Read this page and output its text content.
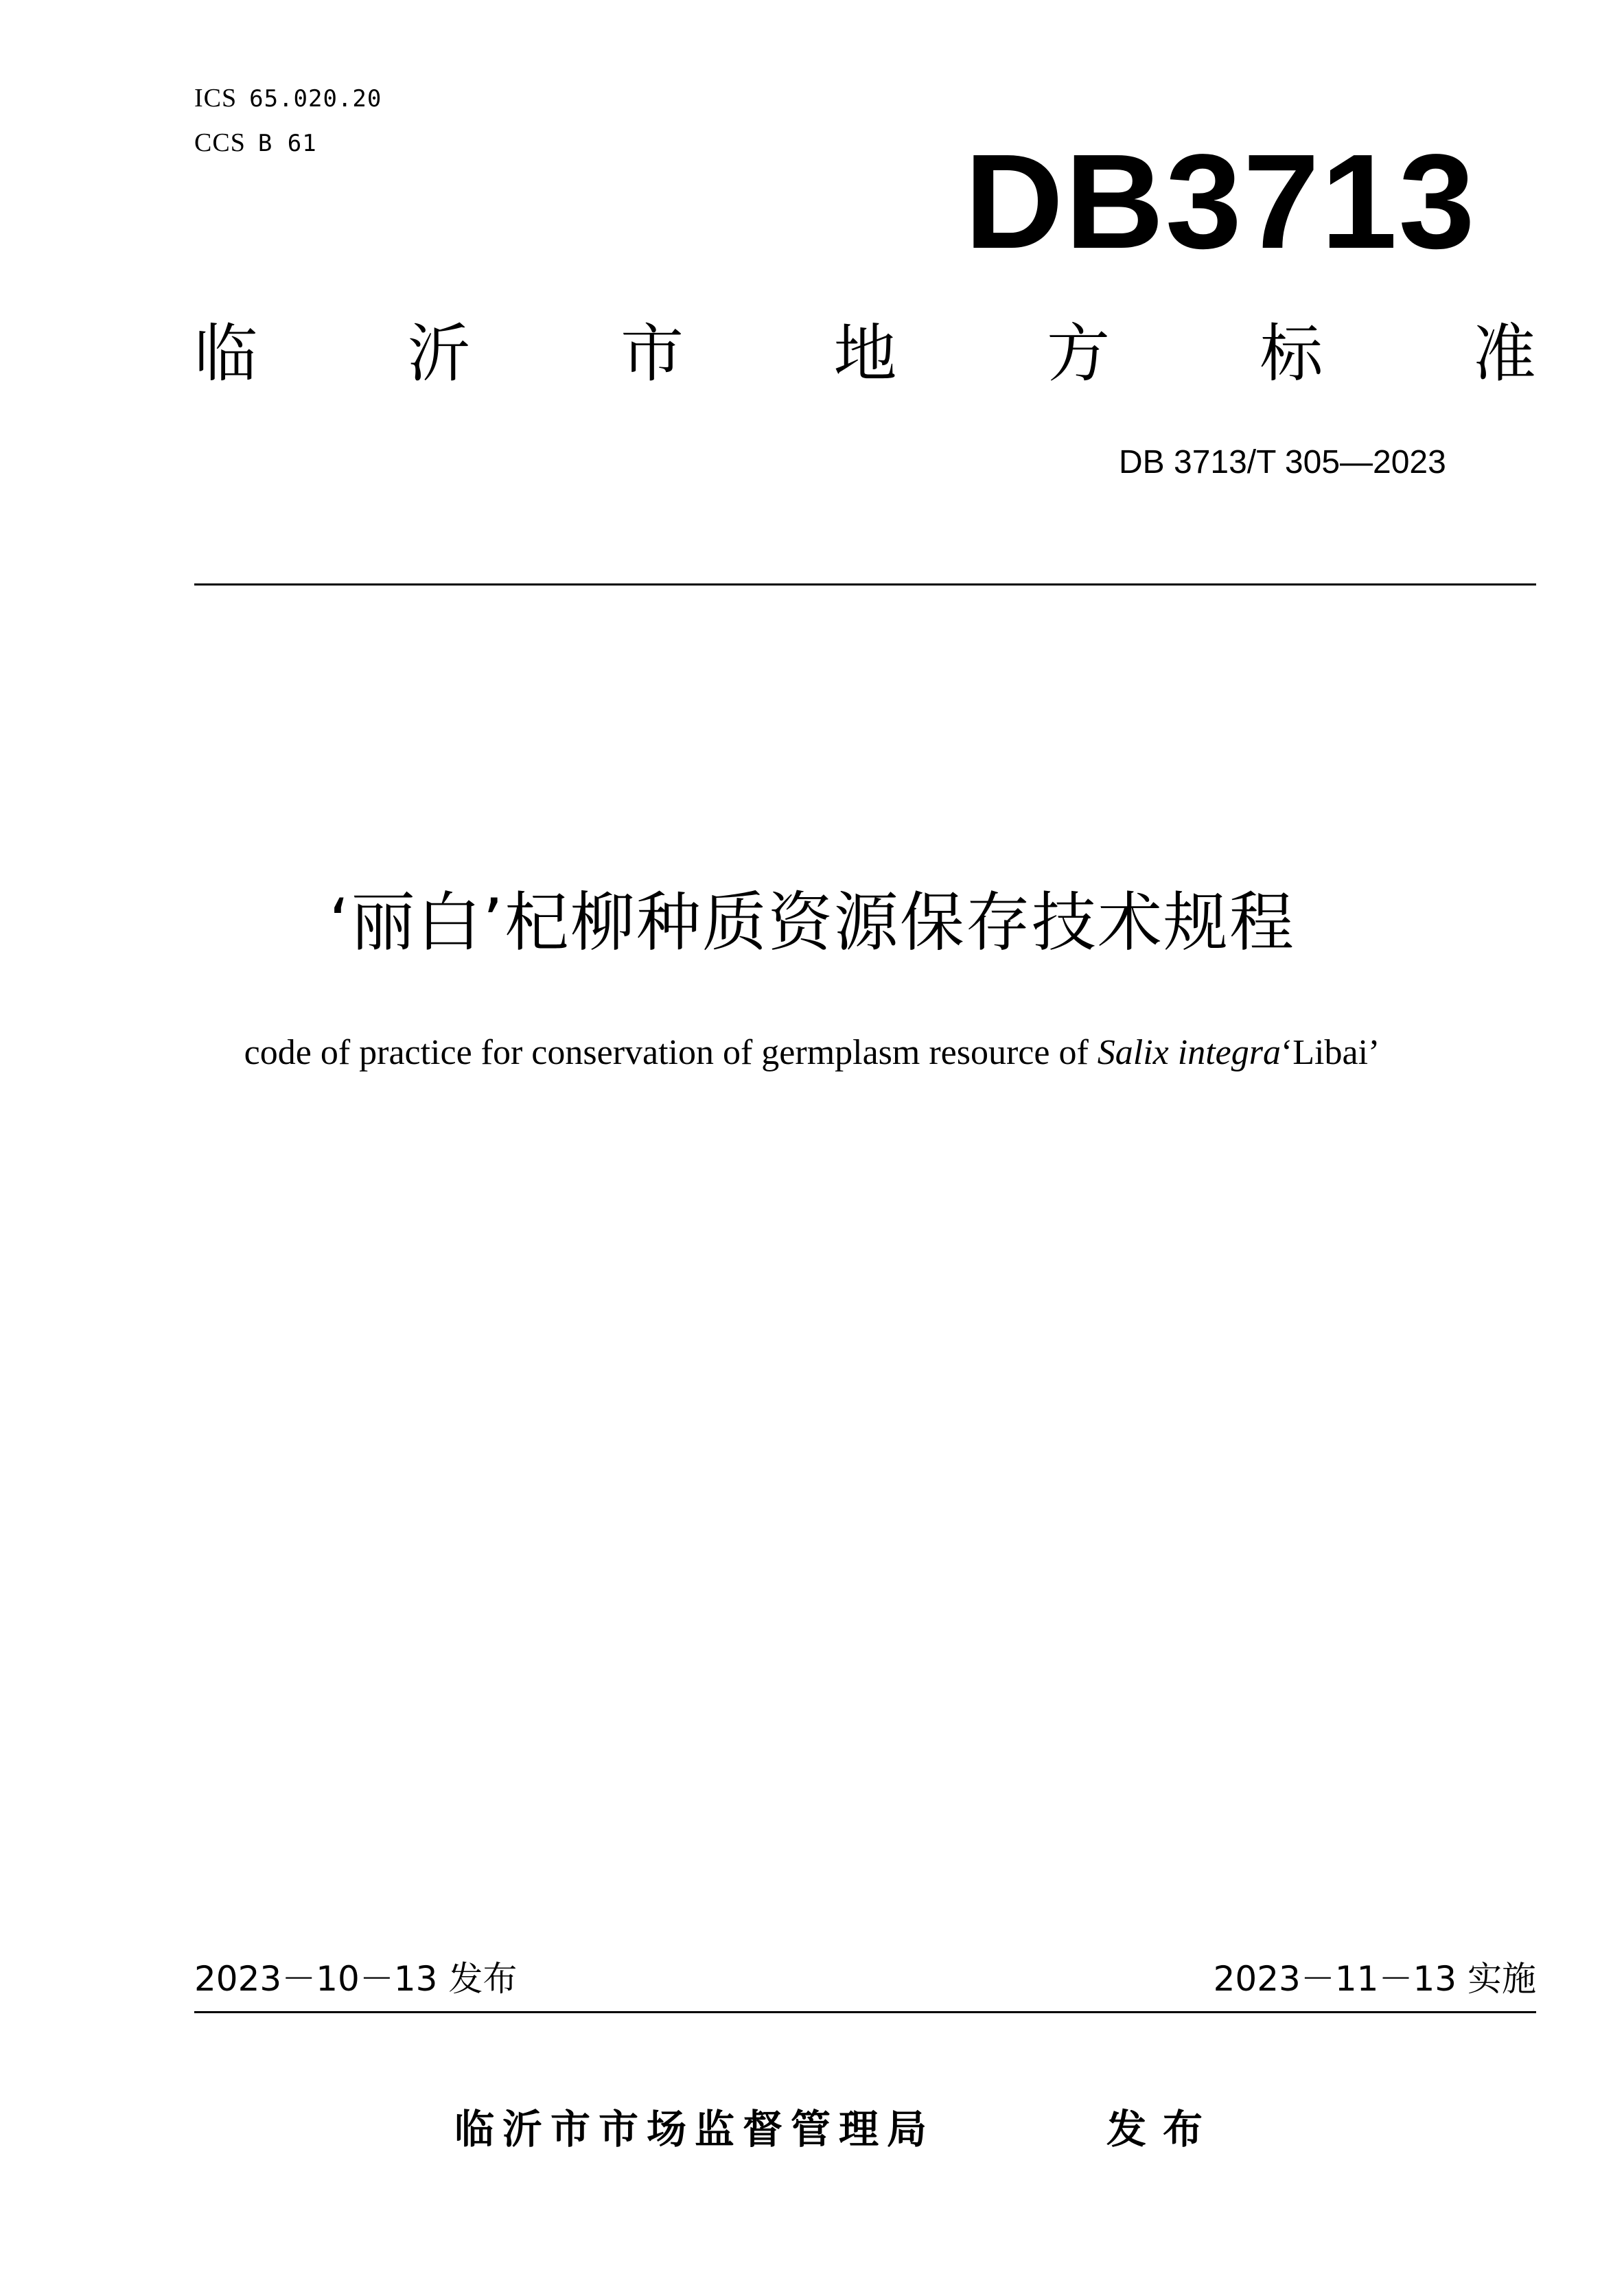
ICS 65.020.20
CCS B 61	DB3713
临 沂 市 地 方 标 准
DB 3713/T 305—2023
‘丽白’杞柳种质资源保存技术规程
code of practice for conservation of germplasm resource of Salix integra‘Libai’
2023－10－13 发布	2023－11－13 实施
临沂市市场监督管理局	发布
